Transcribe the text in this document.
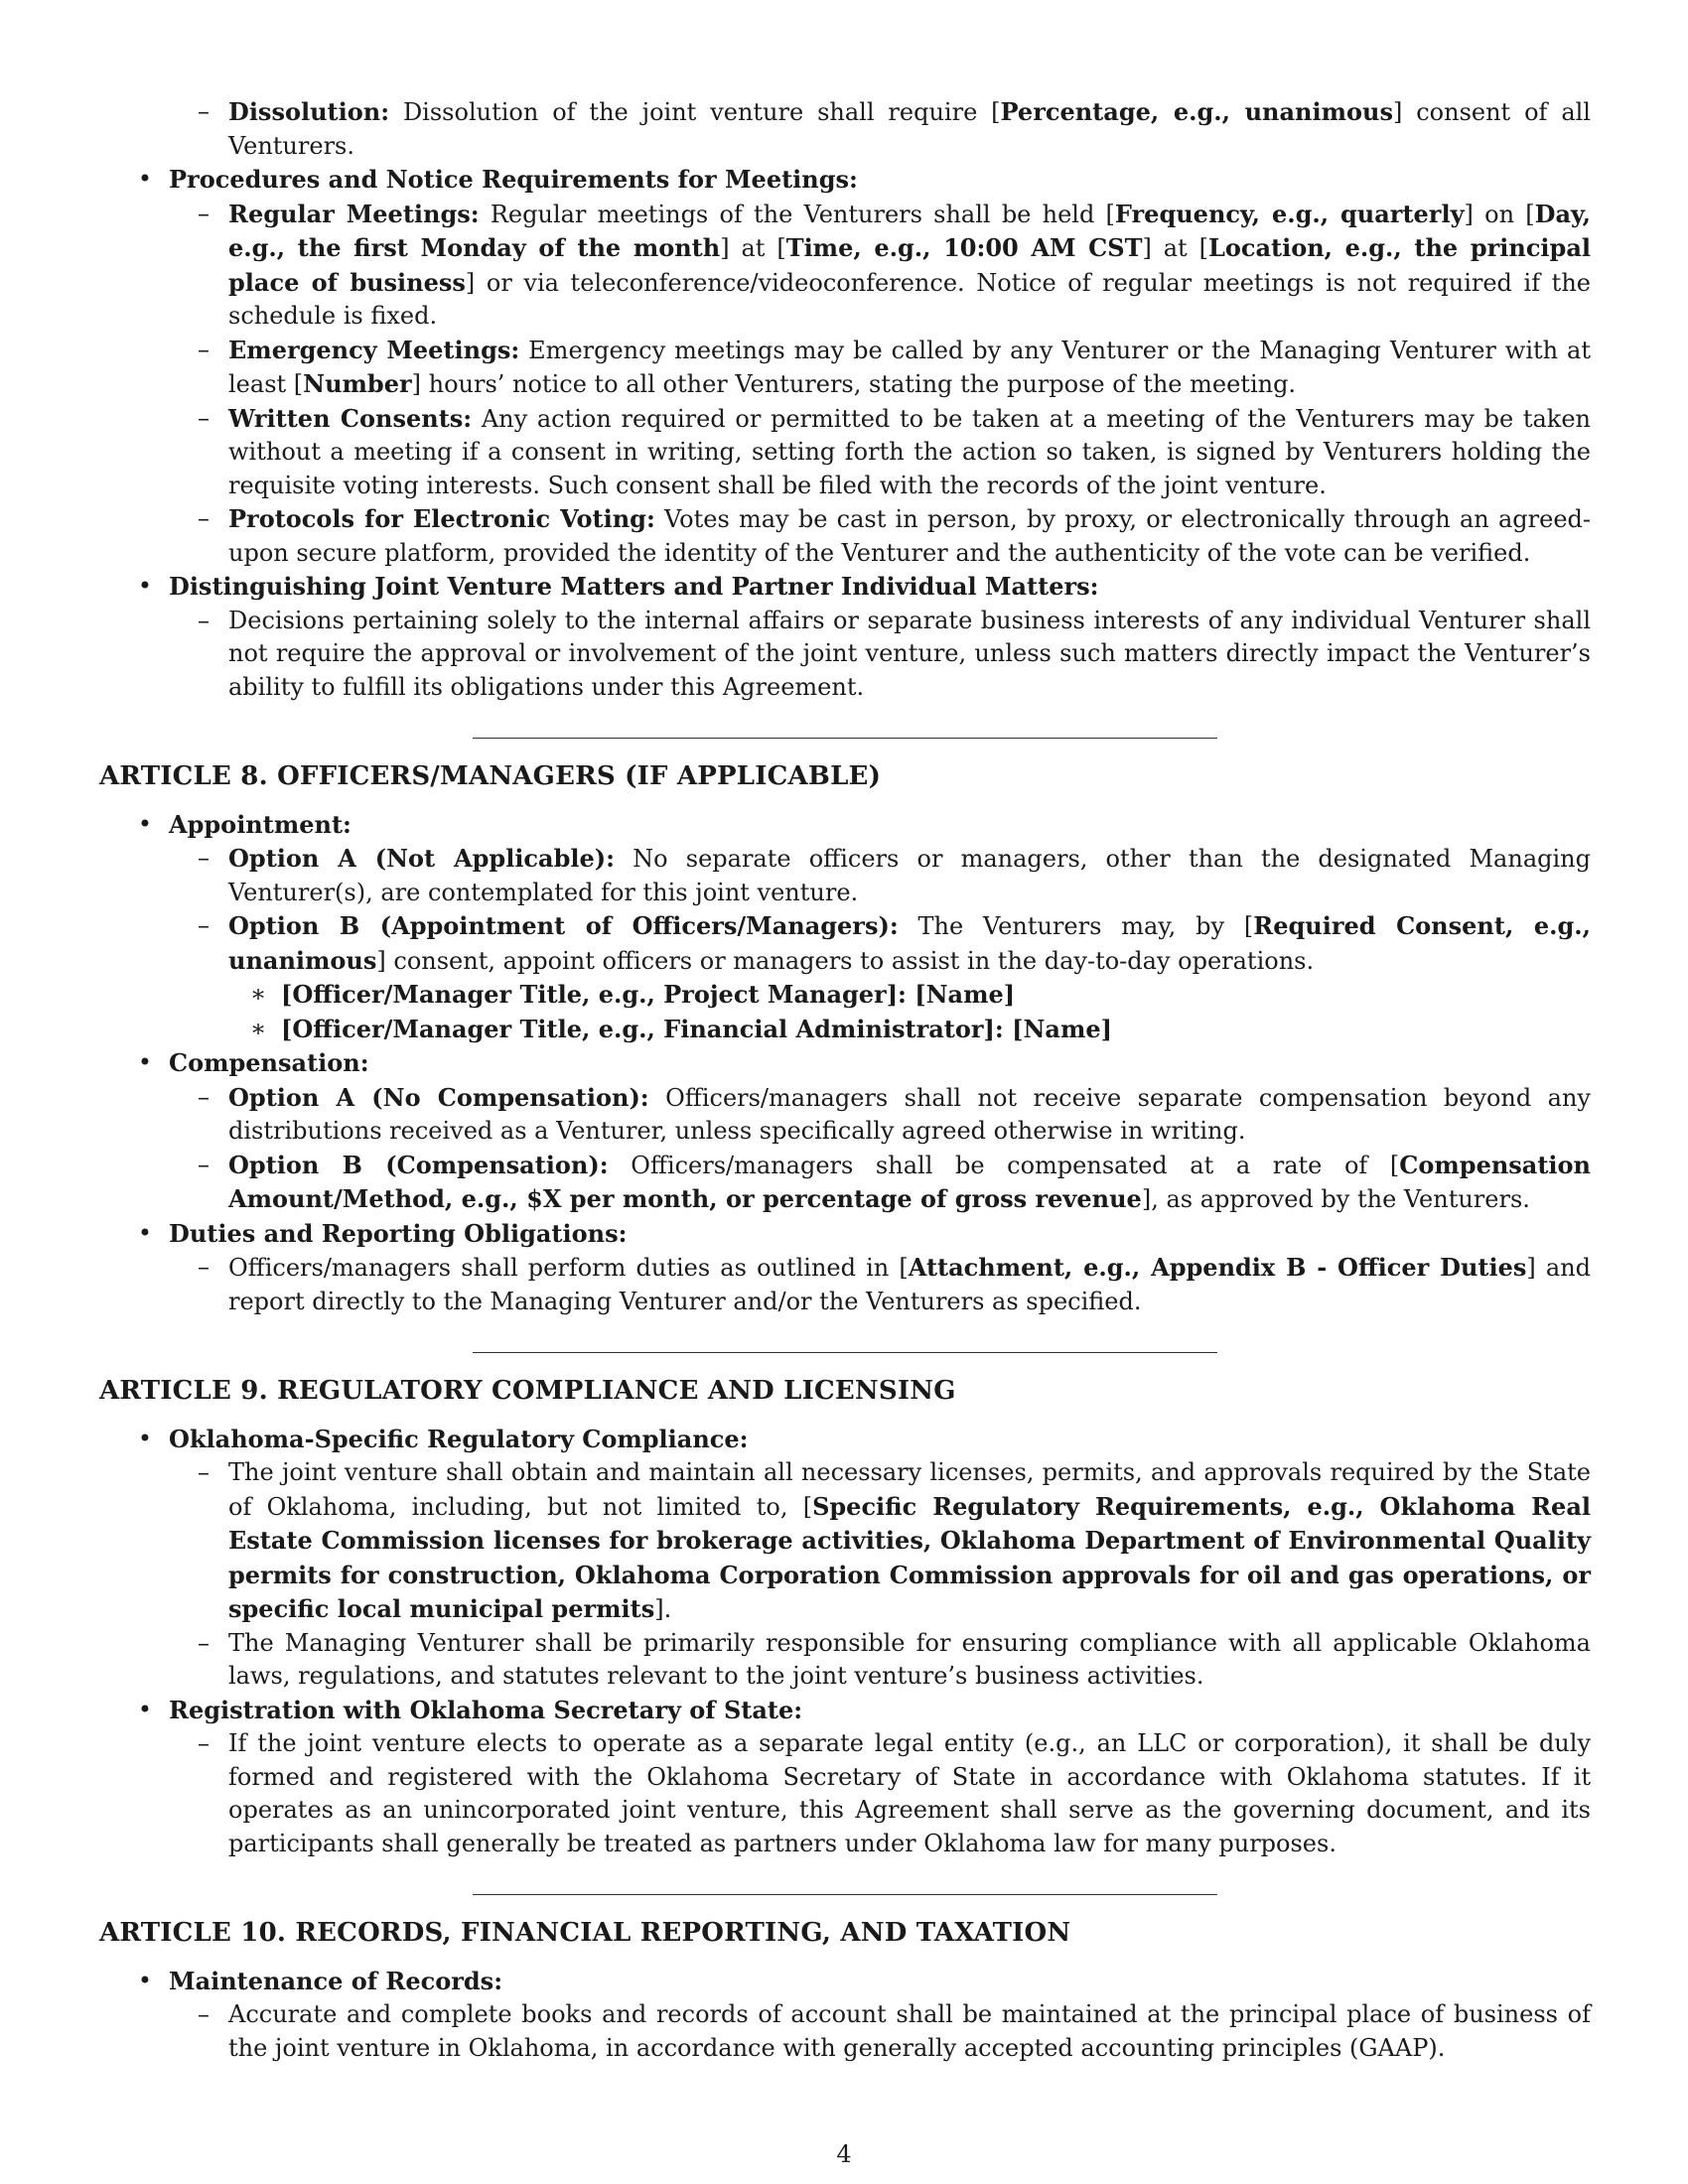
– Dissolution: Dissolution of the joint venture shall require [Percentage, e.g., unanimous] consent of all Venturers.
• Procedures and Notice Requirements for Meetings:
– Regular Meetings: Regular meetings of the Venturers shall be held [Frequency, e.g., quarterly] on [Day, e.g., the first Monday of the month] at [Time, e.g., 10:00 AM CST] at [Location, e.g., the principal place of business] or via teleconference/videoconference. Notice of regular meetings is not required if the schedule is fixed.
– Emergency Meetings: Emergency meetings may be called by any Venturer or the Managing Venturer with at least [Number] hours’ notice to all other Venturers, stating the purpose of the meeting.
– Written Consents: Any action required or permitted to be taken at a meeting of the Venturers may be taken without a meeting if a consent in writing, setting forth the action so taken, is signed by Venturers holding the requisite voting interests. Such consent shall be filed with the records of the joint venture.
– Protocols for Electronic Voting: Votes may be cast in person, by proxy, or electronically through an agreed-upon secure platform, provided the identity of the Venturer and the authenticity of the vote can be verified.
• Distinguishing Joint Venture Matters and Partner Individual Matters:
– Decisions pertaining solely to the internal affairs or separate business interests of any individual Venturer shall not require the approval or involvement of the joint venture, unless such matters directly impact the Venturer’s ability to fulfill its obligations under this Agreement.
ARTICLE 8. OFFICERS/MANAGERS (IF APPLICABLE)
• Appointment:
– Option A (Not Applicable): No separate officers or managers, other than the designated Managing Venturer(s), are contemplated for this joint venture.
– Option B (Appointment of Officers/Managers): The Venturers may, by [Required Consent, e.g., unanimous] consent, appoint officers or managers to assist in the day-to-day operations.
∗ [Officer/Manager Title, e.g., Project Manager]: [Name]
∗ [Officer/Manager Title, e.g., Financial Administrator]: [Name]
• Compensation:
– Option A (No Compensation): Officers/managers shall not receive separate compensation beyond any distributions received as a Venturer, unless specifically agreed otherwise in writing.
– Option B (Compensation): Officers/managers shall be compensated at a rate of [Compensation Amount/Method, e.g., $X per month, or percentage of gross revenue], as approved by the Venturers.
• Duties and Reporting Obligations:
– Officers/managers shall perform duties as outlined in [Attachment, e.g., Appendix B - Officer Duties] and report directly to the Managing Venturer and/or the Venturers as specified.
ARTICLE 9. REGULATORY COMPLIANCE AND LICENSING
• Oklahoma-Specific Regulatory Compliance:
– The joint venture shall obtain and maintain all necessary licenses, permits, and approvals required by the State of Oklahoma, including, but not limited to, [Specific Regulatory Requirements, e.g., Oklahoma Real Estate Commission licenses for brokerage activities, Oklahoma Department of Environmental Quality permits for construction, Oklahoma Corporation Commission approvals for oil and gas operations, or specific local municipal permits].
– The Managing Venturer shall be primarily responsible for ensuring compliance with all applicable Oklahoma laws, regulations, and statutes relevant to the joint venture’s business activities.
• Registration with Oklahoma Secretary of State:
– If the joint venture elects to operate as a separate legal entity (e.g., an LLC or corporation), it shall be duly formed and registered with the Oklahoma Secretary of State in accordance with Oklahoma statutes. If it operates as an unincorporated joint venture, this Agreement shall serve as the governing document, and its participants shall generally be treated as partners under Oklahoma law for many purposes.
ARTICLE 10. RECORDS, FINANCIAL REPORTING, AND TAXATION
• Maintenance of Records:
– Accurate and complete books and records of account shall be maintained at the principal place of business of the joint venture in Oklahoma, in accordance with generally accepted accounting principles (GAAP).
4
